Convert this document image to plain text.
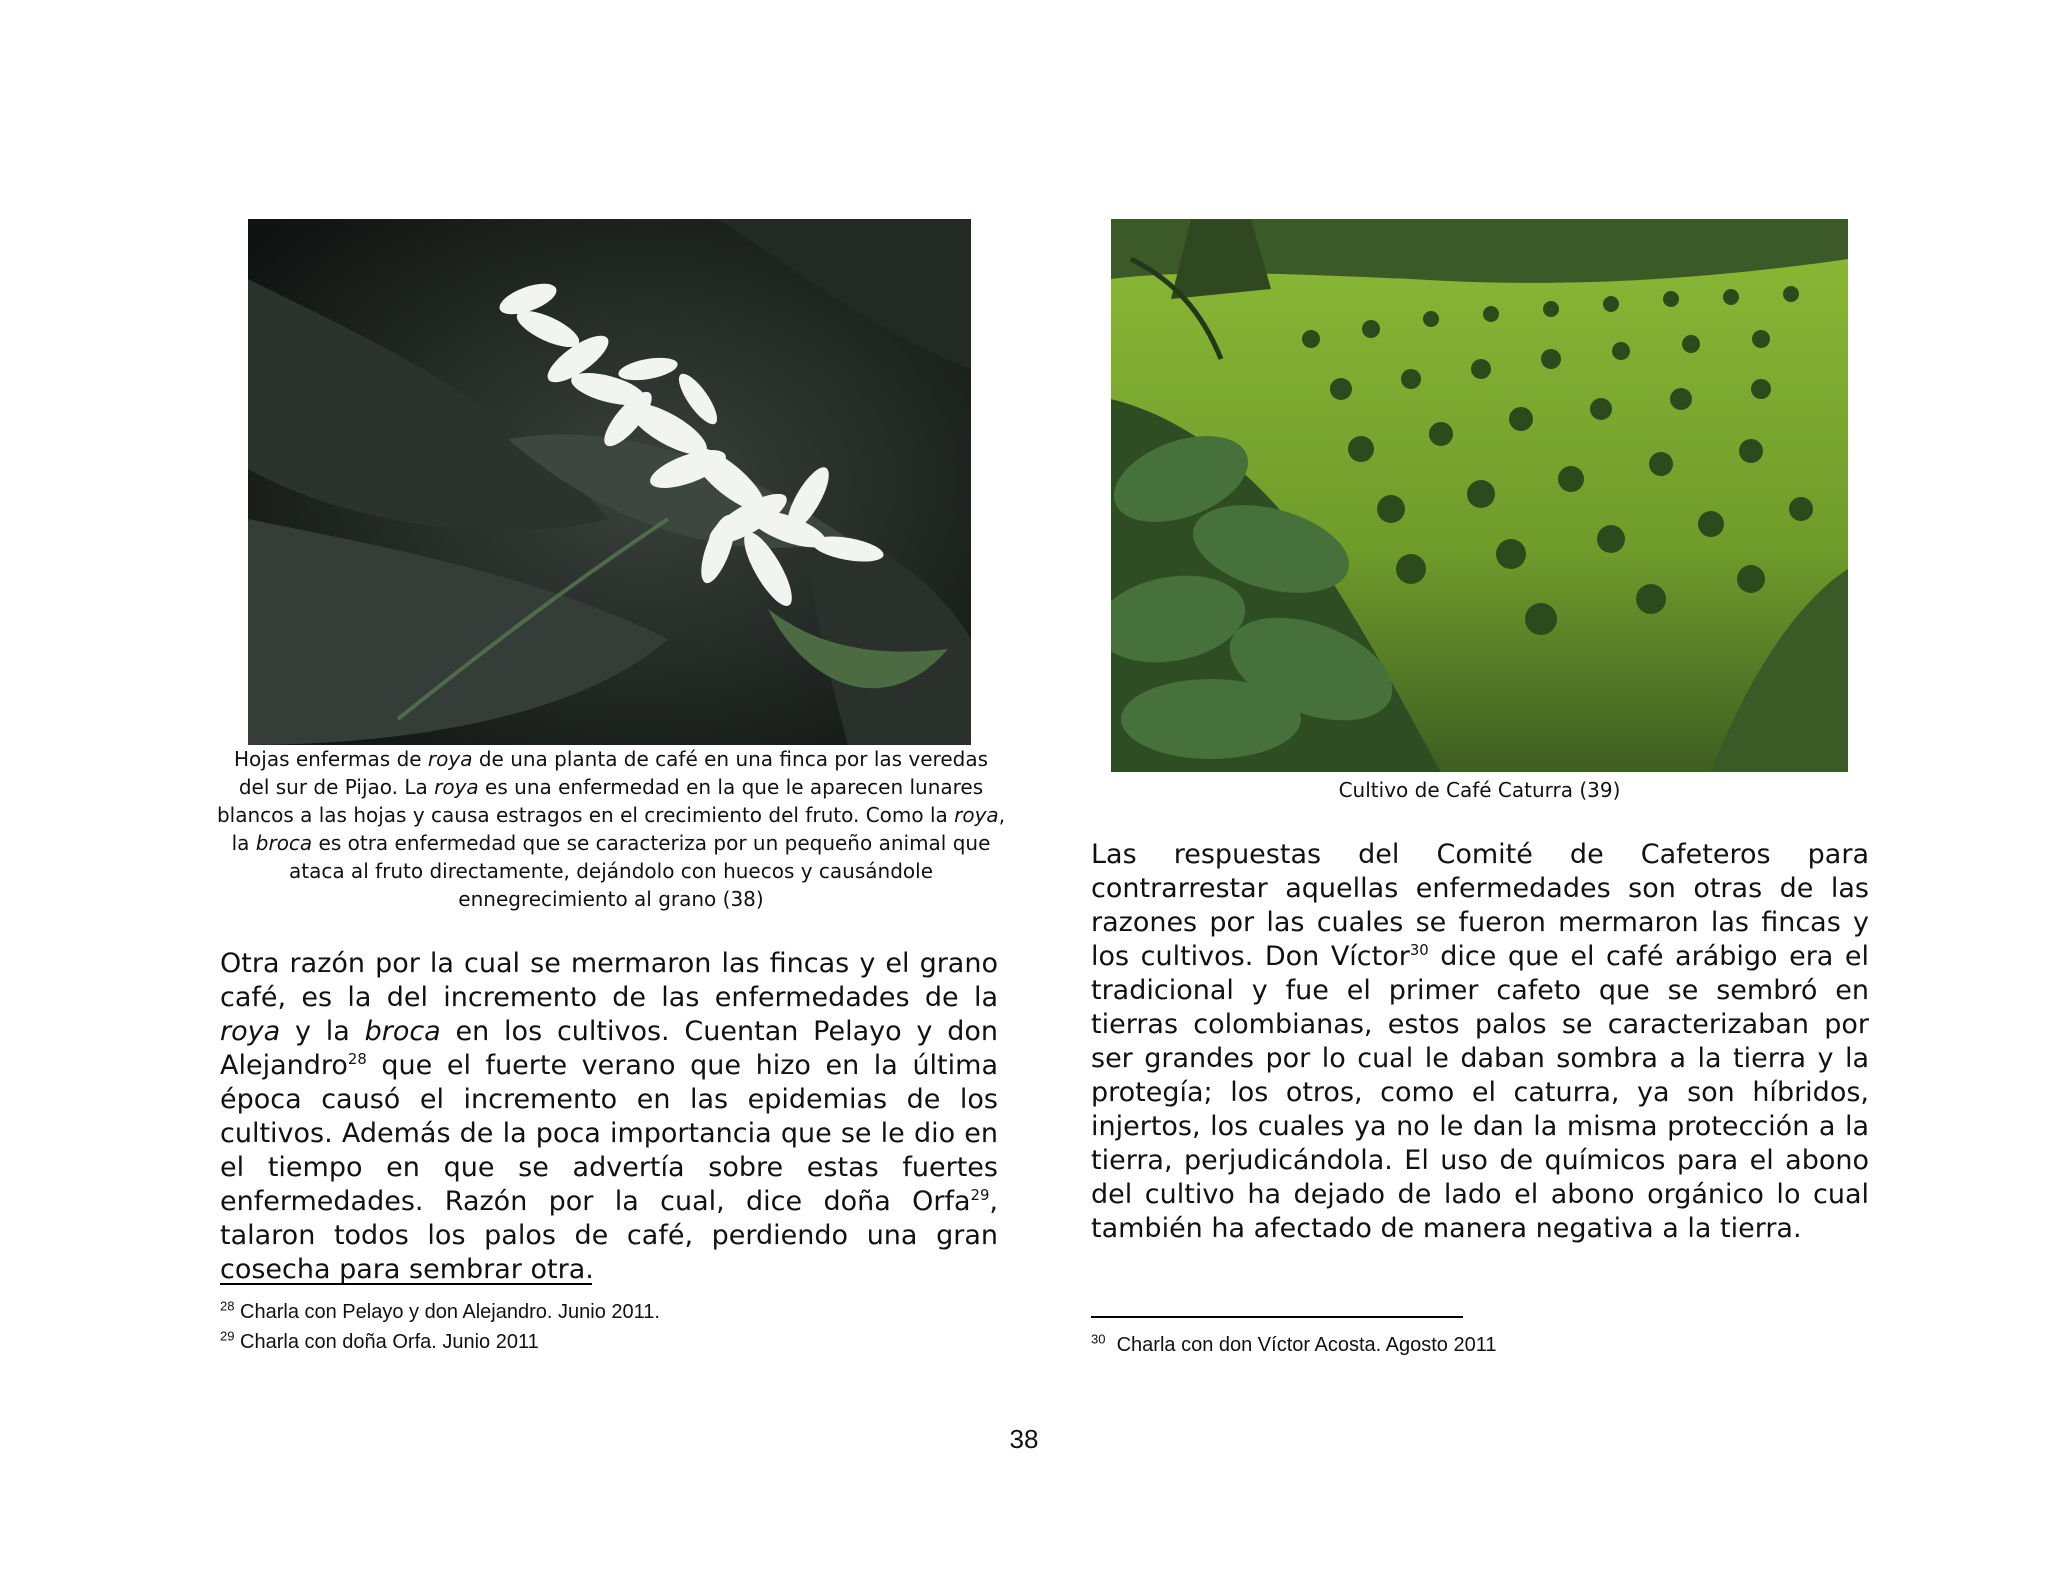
Hojas enfermas de roya de una planta de café en una finca por las veredas del sur de Pijao. La roya es una enfermedad en la que le aparecen lunares blancos a las hojas y causa estragos en el crecimiento del fruto. Como la roya, la broca es otra enfermedad que se caracteriza por un pequeño animal que ataca al fruto directamente, dejándolo con huecos y causándole ennegrecimiento al grano (38)

Otra razón por la cual se mermaron las fincas y el grano café, es la del incremento de las enfermedades de la roya y la broca en los cultivos. Cuentan Pelayo y don Alejandro$^{28}$ que el fuerte verano que hizo en la última época causó el incremento en las epidemias de los cultivos. Además de la poca importancia que se le dio en el tiempo en que se advertía sobre estas fuertes enfermedades. Razón por la cual, dice doña Orfa$^{29}$, talaron todos los palos de café, perdiendo una gran cosecha para sembrar otra.

$^{28}$ Charla con Pelayo y don Alejandro. Junio 2011.
$^{29}$ Charla con doña Orfa. Junio 2011
Cultivo de Café Caturra (39)

Las respuestas del Comité de Cafeteros para contrarrestar aquellas enfermedades son otras de las razones por las cuales se fueron mermaron las fincas y los cultivos. Don Víctor$^{30}$ dice que el café arábigo era el tradicional y fue el primer cafeto que se sembró en tierras colombianas, estos palos se caracterizaban por ser grandes por lo cual le daban sombra a la tierra y la protegía; los otros, como el caturra, ya son híbridos, injertos, los cuales ya no le dan la misma protección a la tierra, perjudicándola. El uso de químicos para el abono del cultivo ha dejado de lado el abono orgánico lo cual también ha afectado de manera negativa a la tierra.

$^{30}$ Charla con don Víctor Acosta. Agosto 2011
38
